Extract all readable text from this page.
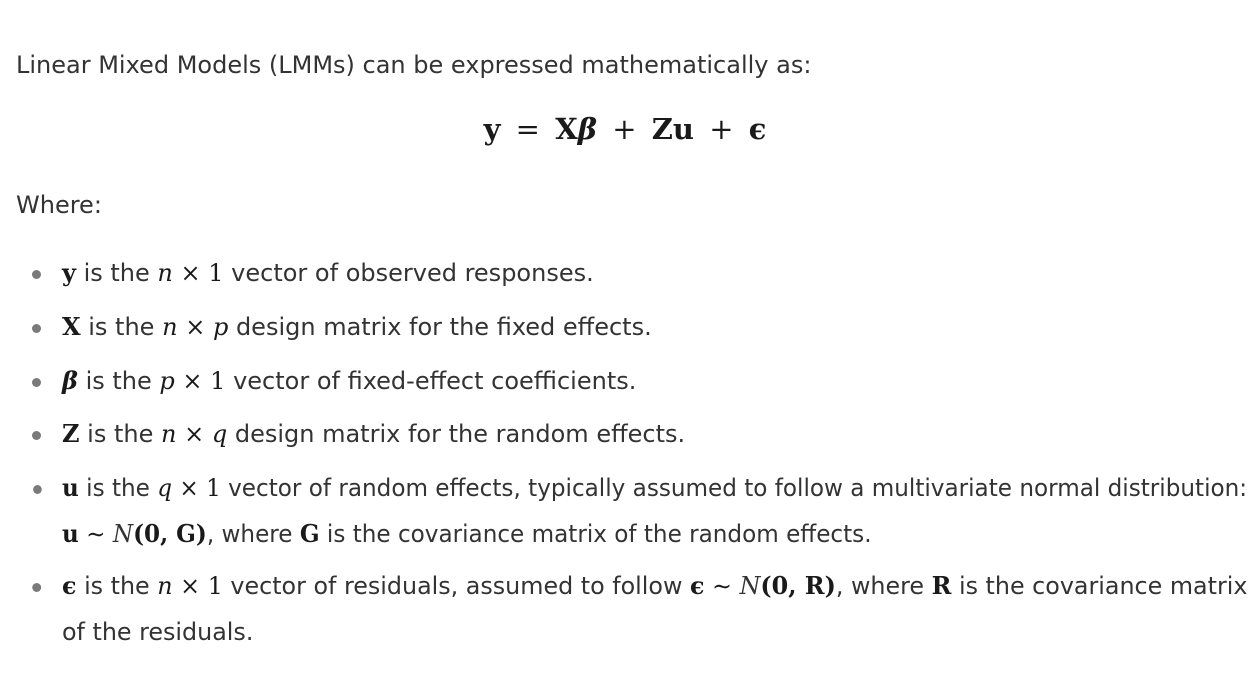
Linear Mixed Models (LMMs) can be expressed mathematically as:

y = Xβ + Zu + ϵ

Where:

y is the n × 1 vector of observed responses.
X is the n × p design matrix for the fixed effects.
β is the p × 1 vector of fixed-effect coefficients.
Z is the n × q design matrix for the random effects.
u is the q × 1 vector of random effects, typically assumed to follow a multivariate normal distribution:
u ∼ N(0, G), where G is the covariance matrix of the random effects.
ϵ is the n × 1 vector of residuals, assumed to follow ϵ ∼ N(0, R), where R is the covariance matrix
of the residuals.
